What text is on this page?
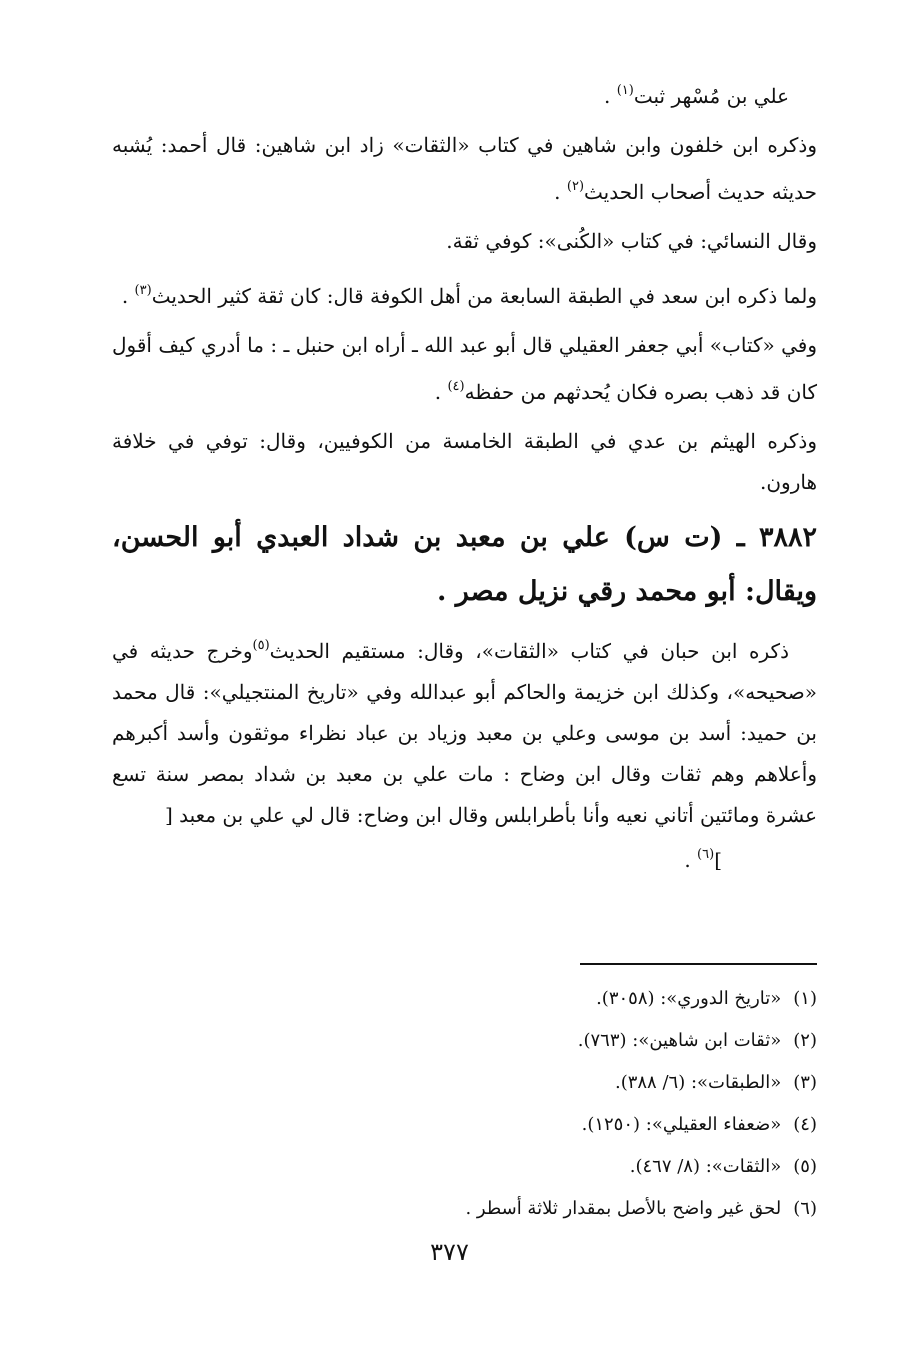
علي بن مُسْهر ثبت$^{(١)}$ .

وذكره ابن خلفون وابن شاهين في كتاب «الثقات» زاد ابن شاهين: قال أحمد: يُشبه حديثه حديث أصحاب الحديث$^{(٢)}$ .

وقال النسائي: في كتاب «الكُنى»: كوفي ثقة.

ولما ذكره ابن سعد في الطبقة السابعة من أهل الكوفة قال: كان ثقة كثير الحديث$^{(٣)}$ .

وفي «كتاب» أبي جعفر العقيلي قال أبو عبد الله ـ أراه ابن حنبل ـ : ما أدري كيف أقول كان قد ذهب بصره فكان يُحدثهم من حفظه$^{(٤)}$ .

وذكره الهيثم بن عدي في الطبقة الخامسة من الكوفيين، وقال: توفي في خلافة هارون.

٣٨٨٢ ـ (ت س) علي بن معبد بن شداد العبدي أبو الحسن، ويقال: أبو محمد رقي نزيل مصر .

ذكره ابن حبان في كتاب «الثقات»، وقال: مستقيم الحديث$^{(٥)}$وخرج حديثه في «صحيحه»، وكذلك ابن خزيمة والحاكم أبو عبدالله وفي «تاريخ المنتجيلي»: قال محمد بن حميد: أسد بن موسى وعلي بن معبد وزياد بن عباد نظراء موثقون وأسد أكبرهم وأعلاهم وهم ثقات وقال ابن وضاح : مات علي بن معبد بن شداد بمصر سنة تسع عشرة ومائتين أتاني نعيه وأنا بأطرابلس وقال ابن وضاح: قال لي علي بن معبد [

]$^{(٦)}$ .

(١)«تاريخ الدوري»: (٣٠٥٨).

(٢)«ثقات ابن شاهين»: (٧٦٣).

(٣)«الطبقات»: (٦/ ٣٨٨).

(٤)«ضعفاء العقيلي»: (١٢٥٠).

(٥)«الثقات»: (٨/ ٤٦٧).

(٦)لحق غير واضح بالأصل بمقدار ثلاثة أسطر .

٣٧٧
